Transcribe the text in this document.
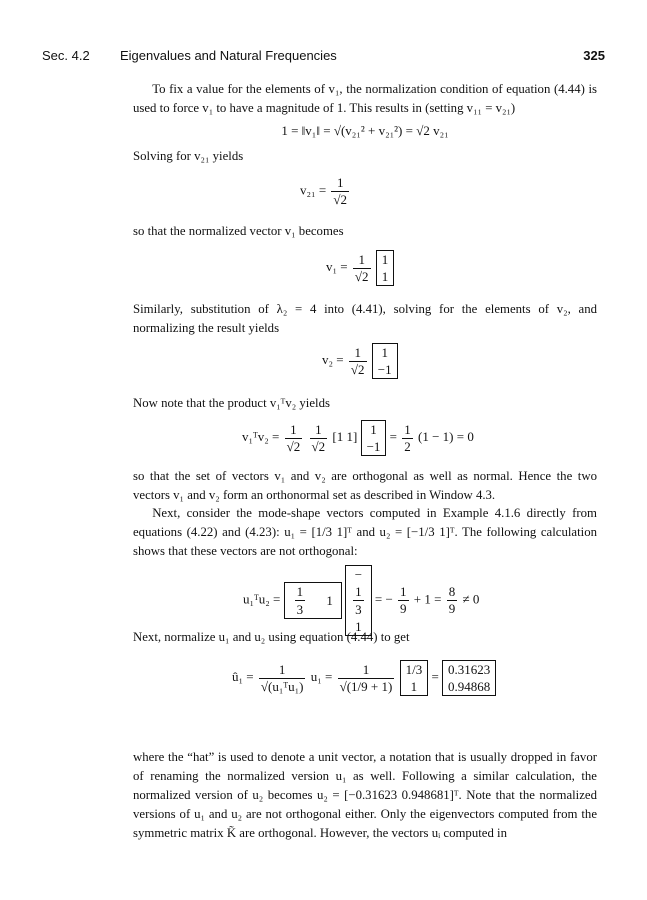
Sec. 4.2 Eigenvalues and Natural Frequencies	325

To fix a value for the elements of v₁, the normalization condition of equation (4.44) is used to force v₁ to have a magnitude of 1. This results in (setting v₁₁ = v₂₁)

1 = ‖v₁‖ = √(v₂₁² + v₂₁²) = √2 v₂₁

Solving for v₂₁ yields

$v_{21} = \frac{1}{√2}$

so that the normalized vector v₁ becomes

$v_1 = \frac{1}{√2}$
1
1

Similarly, substitution of λ₂ = 4 into (4.41), solving for the elements of v₂, and normalizing the result yields

$v_2 = \frac{1}{√2}$
1
−1

Now note that the product v₁ᵀv₂ yields

v₁ᵀv₂ = $\frac{1}{√2}$
$\frac{1}{√2} [1$ 1] 1
−1
= $\frac{1}{2} (1 - 1) = 0$

so that the set of vectors v₁ and v₂ are orthogonal as well as normal. Hence the two vectors v₁ and v₂ form an orthonormal set as described in Window 4.3.

Next, consider the mode-shape vectors computed in Example 4.1.6 directly from equations (4.22) and (4.23): u₁ = [1/3 1]ᵀ and u₂ = [−1/3 1]ᵀ. The following calculation shows that these vectors are not orthogonal:

u₁ᵀu₂ = $\frac{1}{3} 1$
−
1
3
1
= − $\frac{1}{9} + 1 = \frac{8}{9} \ne 0$

Next, normalize u₁ and u₂ using equation (4.44) to get

û₁ = $\frac{1}{\text{√(u₁ᵀu₁)}} u_1 = \frac{1}{√(1/9 + 1)}$
1/3
1
= 0.31623
0.94868

where the “hat” is used to denote a unit vector, a notation that is usually dropped in favor of renaming the normalized version u₁ as well. Following a similar calculation, the normalized version of u₂ becomes u₂ = [−0.31623 0.948681]ᵀ. Note that the normalized versions of u₁ and u₂ are not orthogonal either. Only the eigenvectors computed from the symmetric matrix K̃ are orthogonal. However, the vectors uᵢ computed in
